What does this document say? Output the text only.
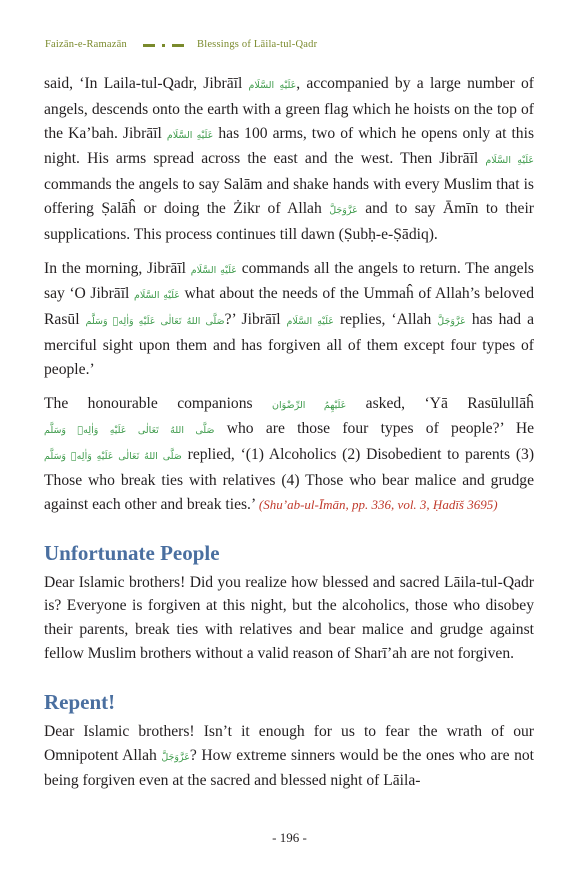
Faizān-e-Ramazān	Blessings of Lāila-tul-Qadr

said, ‘In Laila-tul-Qadr, Jibrāīl عَلَيْهِ السَّلَام, accompanied by a large number of angels, descends onto the earth with a green flag which he hoists on the top of the Ka’bah. Jibrāīl عَلَيْهِ السَّلَام has 100 arms, two of which he opens only at this night. His arms spread across the east and the west. Then Jibrāīl عَلَيْهِ السَّلَام commands the angels to say Salām and shake hands with every Muslim that is offering Ṣalāĥ or doing the Żikr of Allah عَزَّوَجَلَّ and to say Āmīn to their supplications. This process continues till dawn (Ṣubḥ-e-Ṣādiq).

In the morning, Jibrāīl عَلَيْهِ السَّلَام commands all the angels to return. The angels say ‘O Jibrāīl عَلَيْهِ السَّلَام what about the needs of the Ummaĥ of Allah’s beloved Rasūl صَلَّى اللهُ تَعَالٰى عَلَيْهِ وَاٰلِهٖ وَسَلَّم?’ Jibrāīl عَلَيْهِ السَّلَام replies, ‘Allah عَزَّوَجَلَّ has had a merciful sight upon them and has forgiven all of them except four types of people.’

The honourable companions عَلَيْهِمُ الرِّضْوَان asked, ‘Yā Rasūlullāĥ صَلَّى اللهُ تَعَالٰى عَلَيْهِ وَاٰلِهٖ وَسَلَّم who are those four types of people?’ He صَلَّى اللهُ تَعَالٰى عَلَيْهِ وَاٰلِهٖ وَسَلَّم replied, ‘(1) Alcoholics (2) Disobedient to parents (3) Those who break ties with relatives (4) Those who bear malice and grudge against each other and break ties.’ (Shu’ab-ul-Īmān, pp. 336, vol. 3, Ḥadīš 3695)

Unfortunate People

Dear Islamic brothers! Did you realize how blessed and sacred Lāila-tul-Qadr is? Everyone is forgiven at this night, but the alcoholics, those who disobey their parents, break ties with relatives and bear malice and grudge against fellow Muslim brothers without a valid reason of Sharī’ah are not forgiven.

Repent!

Dear Islamic brothers! Isn’t it enough for us to fear the wrath of our Omnipotent Allah عَزَّوَجَلَّ? How extreme sinners would be the ones who are not being forgiven even at the sacred and blessed night of Lāila-

- 196 -
